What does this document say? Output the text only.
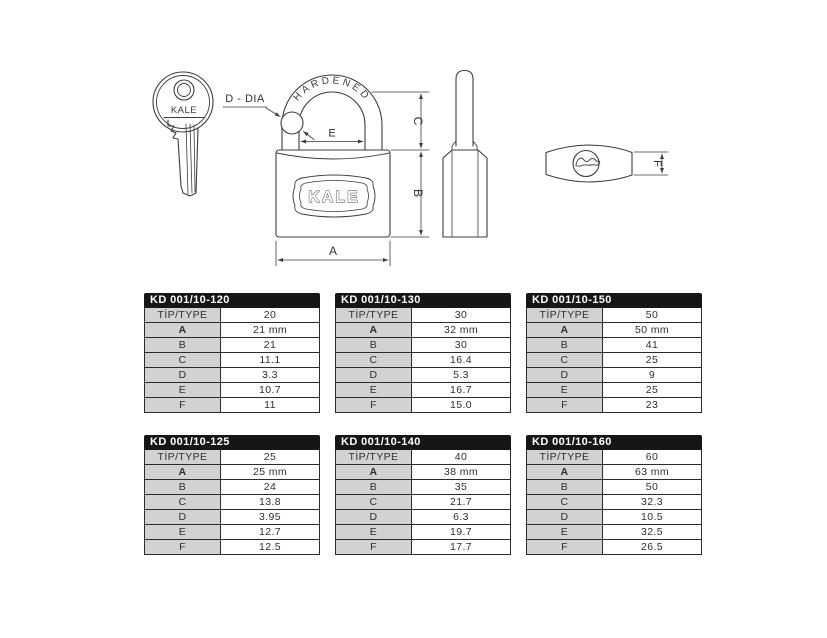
KALE
HARDENED
D - DIA
E
KALE
C
B
A
F
KD 001/10-120
TİP/TYPE	20
A	21 mm
B	21
C	11.1
D	3.3
E	10.7
F	11
KD 001/10-130
TİP/TYPE	30
A	32 mm
B	30
C	16.4
D	5.3
E	16.7
F	15.0
KD 001/10-150
TİP/TYPE	50
A	50 mm
B	41
C	25
D	9
E	25
F	23
KD 001/10-125
TİP/TYPE	25
A	25 mm
B	24
C	13.8
D	3.95
E	12.7
F	12.5
KD 001/10-140
TİP/TYPE	40
A	38 mm
B	35
C	21.7
D	6.3
E	19.7
F	17.7
KD 001/10-160
TİP/TYPE	60
A	63 mm
B	50
C	32.3
D	10.5
E	32.5
F	26.5
